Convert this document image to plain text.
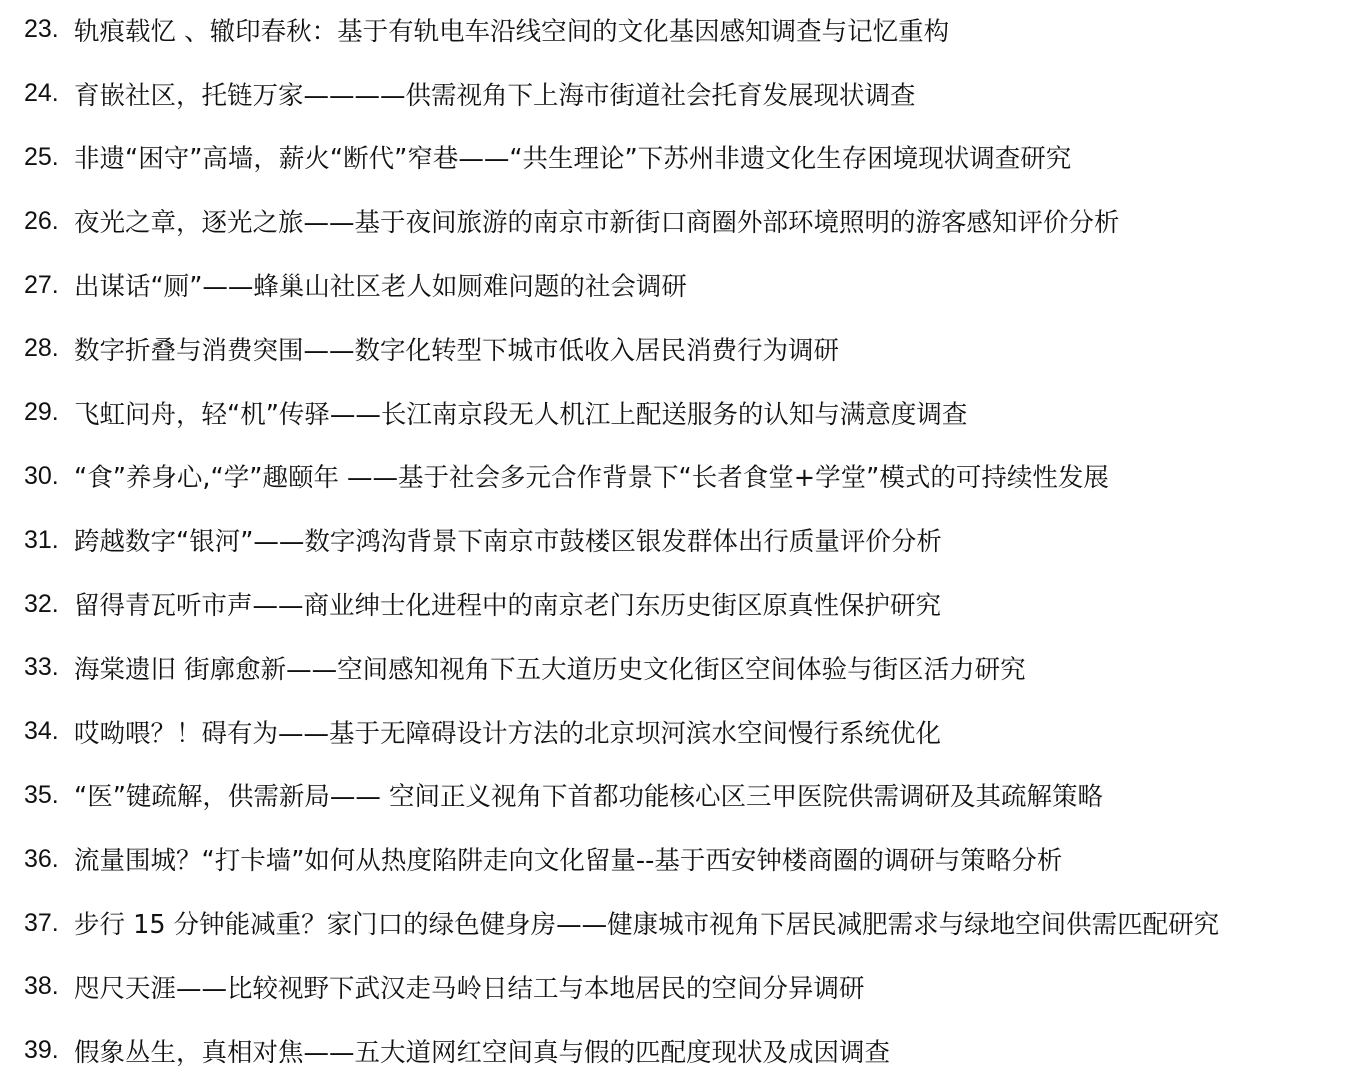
23. 轨痕载忆 、辙印春秋：基于有轨电车沿线空间的文化基因感知调查与记忆重构
24. 育嵌社区，托链万家————供需视角下上海市街道社会托育发展现状调查
25. 非遗“困守”高墙，薪火“断代”窄巷——“共生理论”下苏州非遗文化生存困境现状调查研究
26. 夜光之章，逐光之旅——基于夜间旅游的南京市新街口商圈外部环境照明的游客感知评价分析
27. 出谋话“厕”——蜂巢山社区老人如厕难问题的社会调研
28. 数字折叠与消费突围——数字化转型下城市低收入居民消费行为调研
29. 飞虹问舟，轻“机”传驿——长江南京段无人机江上配送服务的认知与满意度调查
30. “食”养身心,“学”趣颐年 ——基于社会多元合作背景下“长者食堂+学堂”模式的可持续性发展
31. 跨越数字“银河”——数字鸿沟背景下南京市鼓楼区银发群体出行质量评价分析
32. 留得青瓦听市声——商业绅士化进程中的南京老门东历史街区原真性保护研究
33. 海棠遗旧 街廓愈新——空间感知视角下五大道历史文化街区空间体验与街区活力研究
34. 哎呦喂？！碍有为——基于无障碍设计方法的北京坝河滨水空间慢行系统优化
35. “医”键疏解，供需新局—— 空间正义视角下首都功能核心区三甲医院供需调研及其疏解策略
36. 流量围城？“打卡墙”如何从热度陷阱走向文化留量--基于西安钟楼商圈的调研与策略分析
37. 步行 15 分钟能减重？家门口的绿色健身房——健康城市视角下居民减肥需求与绿地空间供需匹配研究
38. 咫尺天涯——比较视野下武汉走马岭日结工与本地居民的空间分异调研
39. 假象丛生，真相对焦——五大道网红空间真与假的匹配度现状及成因调查
